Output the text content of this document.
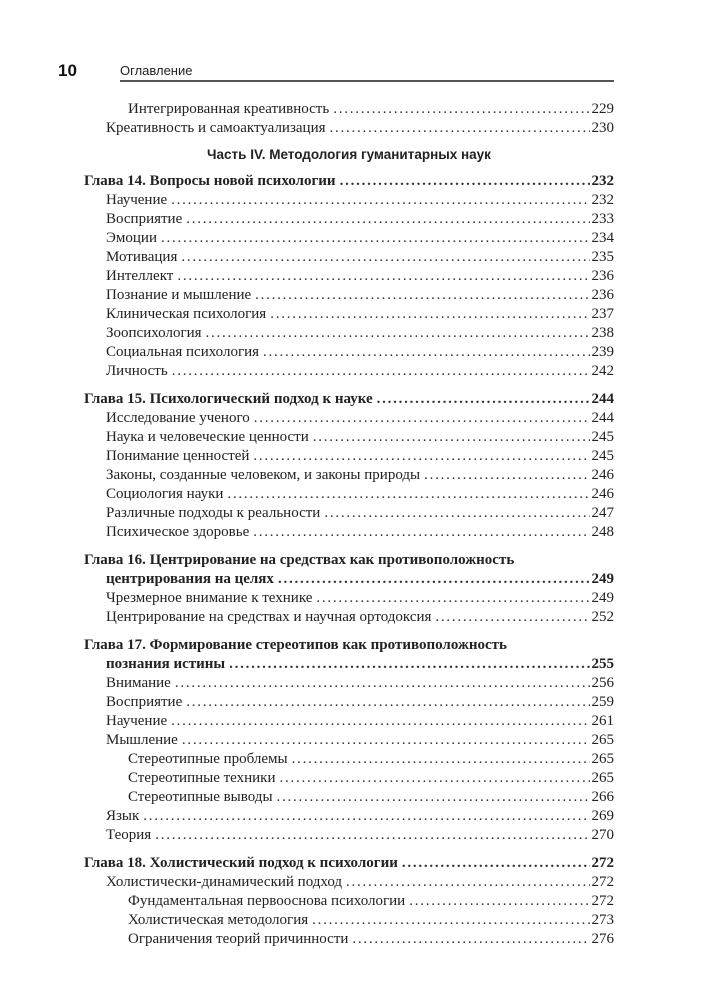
10	Оглавление
Интегрированная креативность . . .	229
Креативность и самоактуализация . . .	230
Часть IV. Методология гуманитарных наук
Глава 14. Вопросы новой психологии . . .	232
Научение . . .	232
Восприятие . . .	233
Эмоции . . .	234
Мотивация . . .	235
Интеллект . . .	236
Познание и мышление . . .	236
Клиническая психология . . .	237
Зоопсихология . . .	238
Социальная психология . . .	239
Личность . . .	242
Глава 15. Психологический подход к науке . . .	244
Исследование ученого . . .	244
Наука и человеческие ценности . . .	245
Понимание ценностей . . .	245
Законы, созданные человеком, и законы природы . . .	246
Социология науки . . .	246
Различные подходы к реальности . . .	247
Психическое здоровье . . .	248
Глава 16. Центрирование на средствах как противоположность
центрирования на целях . . .	249
Чрезмерное внимание к технике . . .	249
Центрирование на средствах и научная ортодоксия . . .	252
Глава 17. Формирование стереотипов как противоположность
познания истины . . .	255
Внимание . . .	256
Восприятие . . .	259
Научение . . .	261
Мышление . . .	265
Стереотипные проблемы . . .	265
Стереотипные техники . . .	265
Стереотипные выводы . . .	266
Язык . . .	269
Теория . . .	270
Глава 18. Холистический подход к психологии . . .	272
Холистически-динамический подход . . .	272
Фундаментальная первооснова психологии . . .	272
Холистическая методология . . .	273
Ограничения теорий причинности . . .	276
